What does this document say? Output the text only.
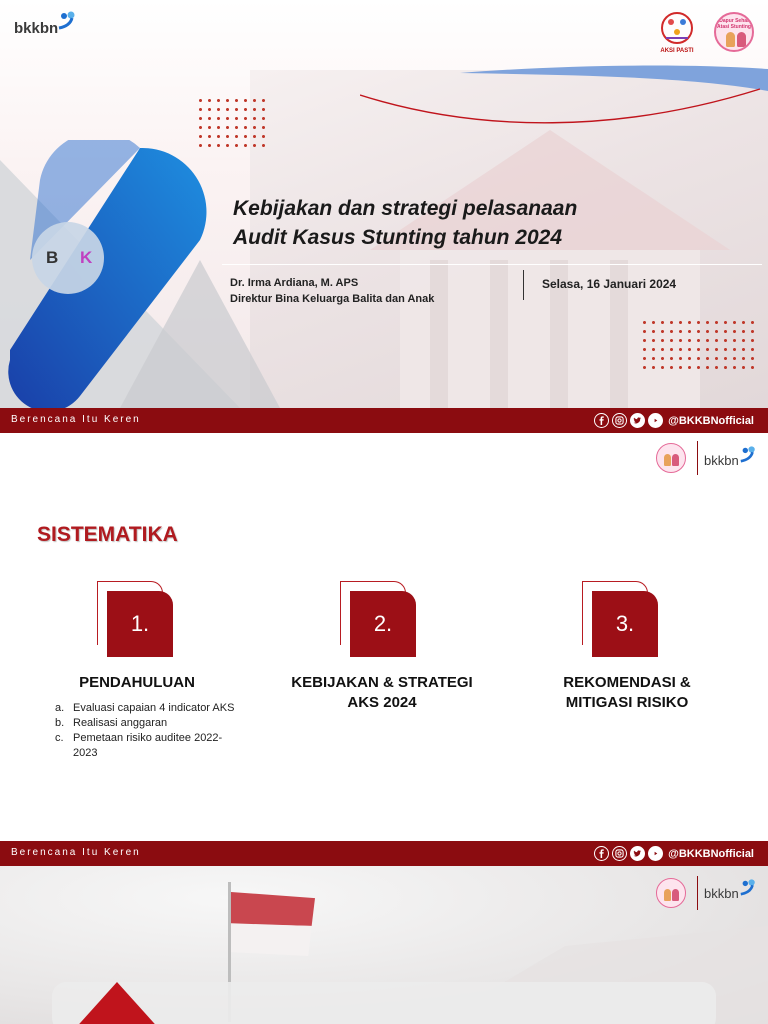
B K
bkkbn
AKSI PASTI
Dapur Sehat Atasi Stunting
Kebijakan dan strategi pelasanaan
Audit Kasus Stunting tahun 2024
Dr. Irma Ardiana, M. APS
Direktur Bina Keluarga Balita dan Anak
Selasa, 16 Januari 2024
Berencana Itu Keren	@BKKBNofficial
bkkbn
SISTEMATIKA
1.	2.	3.
PENDAHULUAN	KEBIJAKAN & STRATEGI
AKS 2024
REKOMENDASI &
MITIGASI RISIKO
a. Evaluasi capaian 4 indicator AKS
b. Realisasi anggaran
c. Pemetaan risiko auditee 2022-
2023
Berencana Itu Keren	@BKKBNofficial
bkkbn
